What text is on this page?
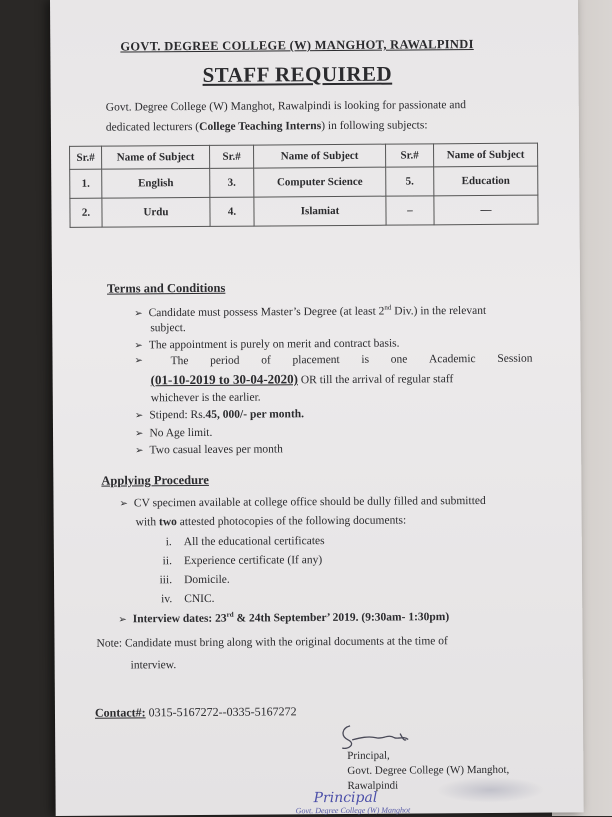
GOVT. DEGREE COLLEGE (W) MANGHOT, RAWALPINDI
STAFF REQUIRED
Govt. Degree College (W) Manghot, Rawalpindi is looking for passionate and
dedicated lecturers (College Teaching Interns) in following subjects:
Sr.#	Name of Subject	Sr.#	Name of Subject	Sr.#	Name of Subject
1.	English	3.	Computer Science	5.	Education
2.	Urdu	4.	Islamiat	–	—
Terms and Conditions
➢ Candidate must possess Master’s Degree (at least 2nd Div.) in the relevant
subject.
➢ The appointment is purely on merit and contract basis.
➢ The period of placement is one Academic Session
(01-10-2019 to 30-04-2020) OR till the arrival of regular staff
whichever is the earlier.
➢ Stipend: Rs.45, 000/- per month.
➢ No Age limit.
➢ Two casual leaves per month
Applying Procedure
➢ CV specimen available at college office should be dully filled and submitted
with two attested photocopies of the following documents:
i. All the educational certificates
ii. Experience certificate (If any)
iii. Domicile.
iv. CNIC.
➢ Interview dates: 23rd & 24th September’ 2019. (9:30am- 1:30pm)
Note: Candidate must bring along with the original documents at the time of
interview.
Contact#: 0315-5167272--0335-5167272
Principal,
Govt. Degree College (W) Manghot,
Rawalpindi
Principal
Govt. Degree College (W) Manghot
